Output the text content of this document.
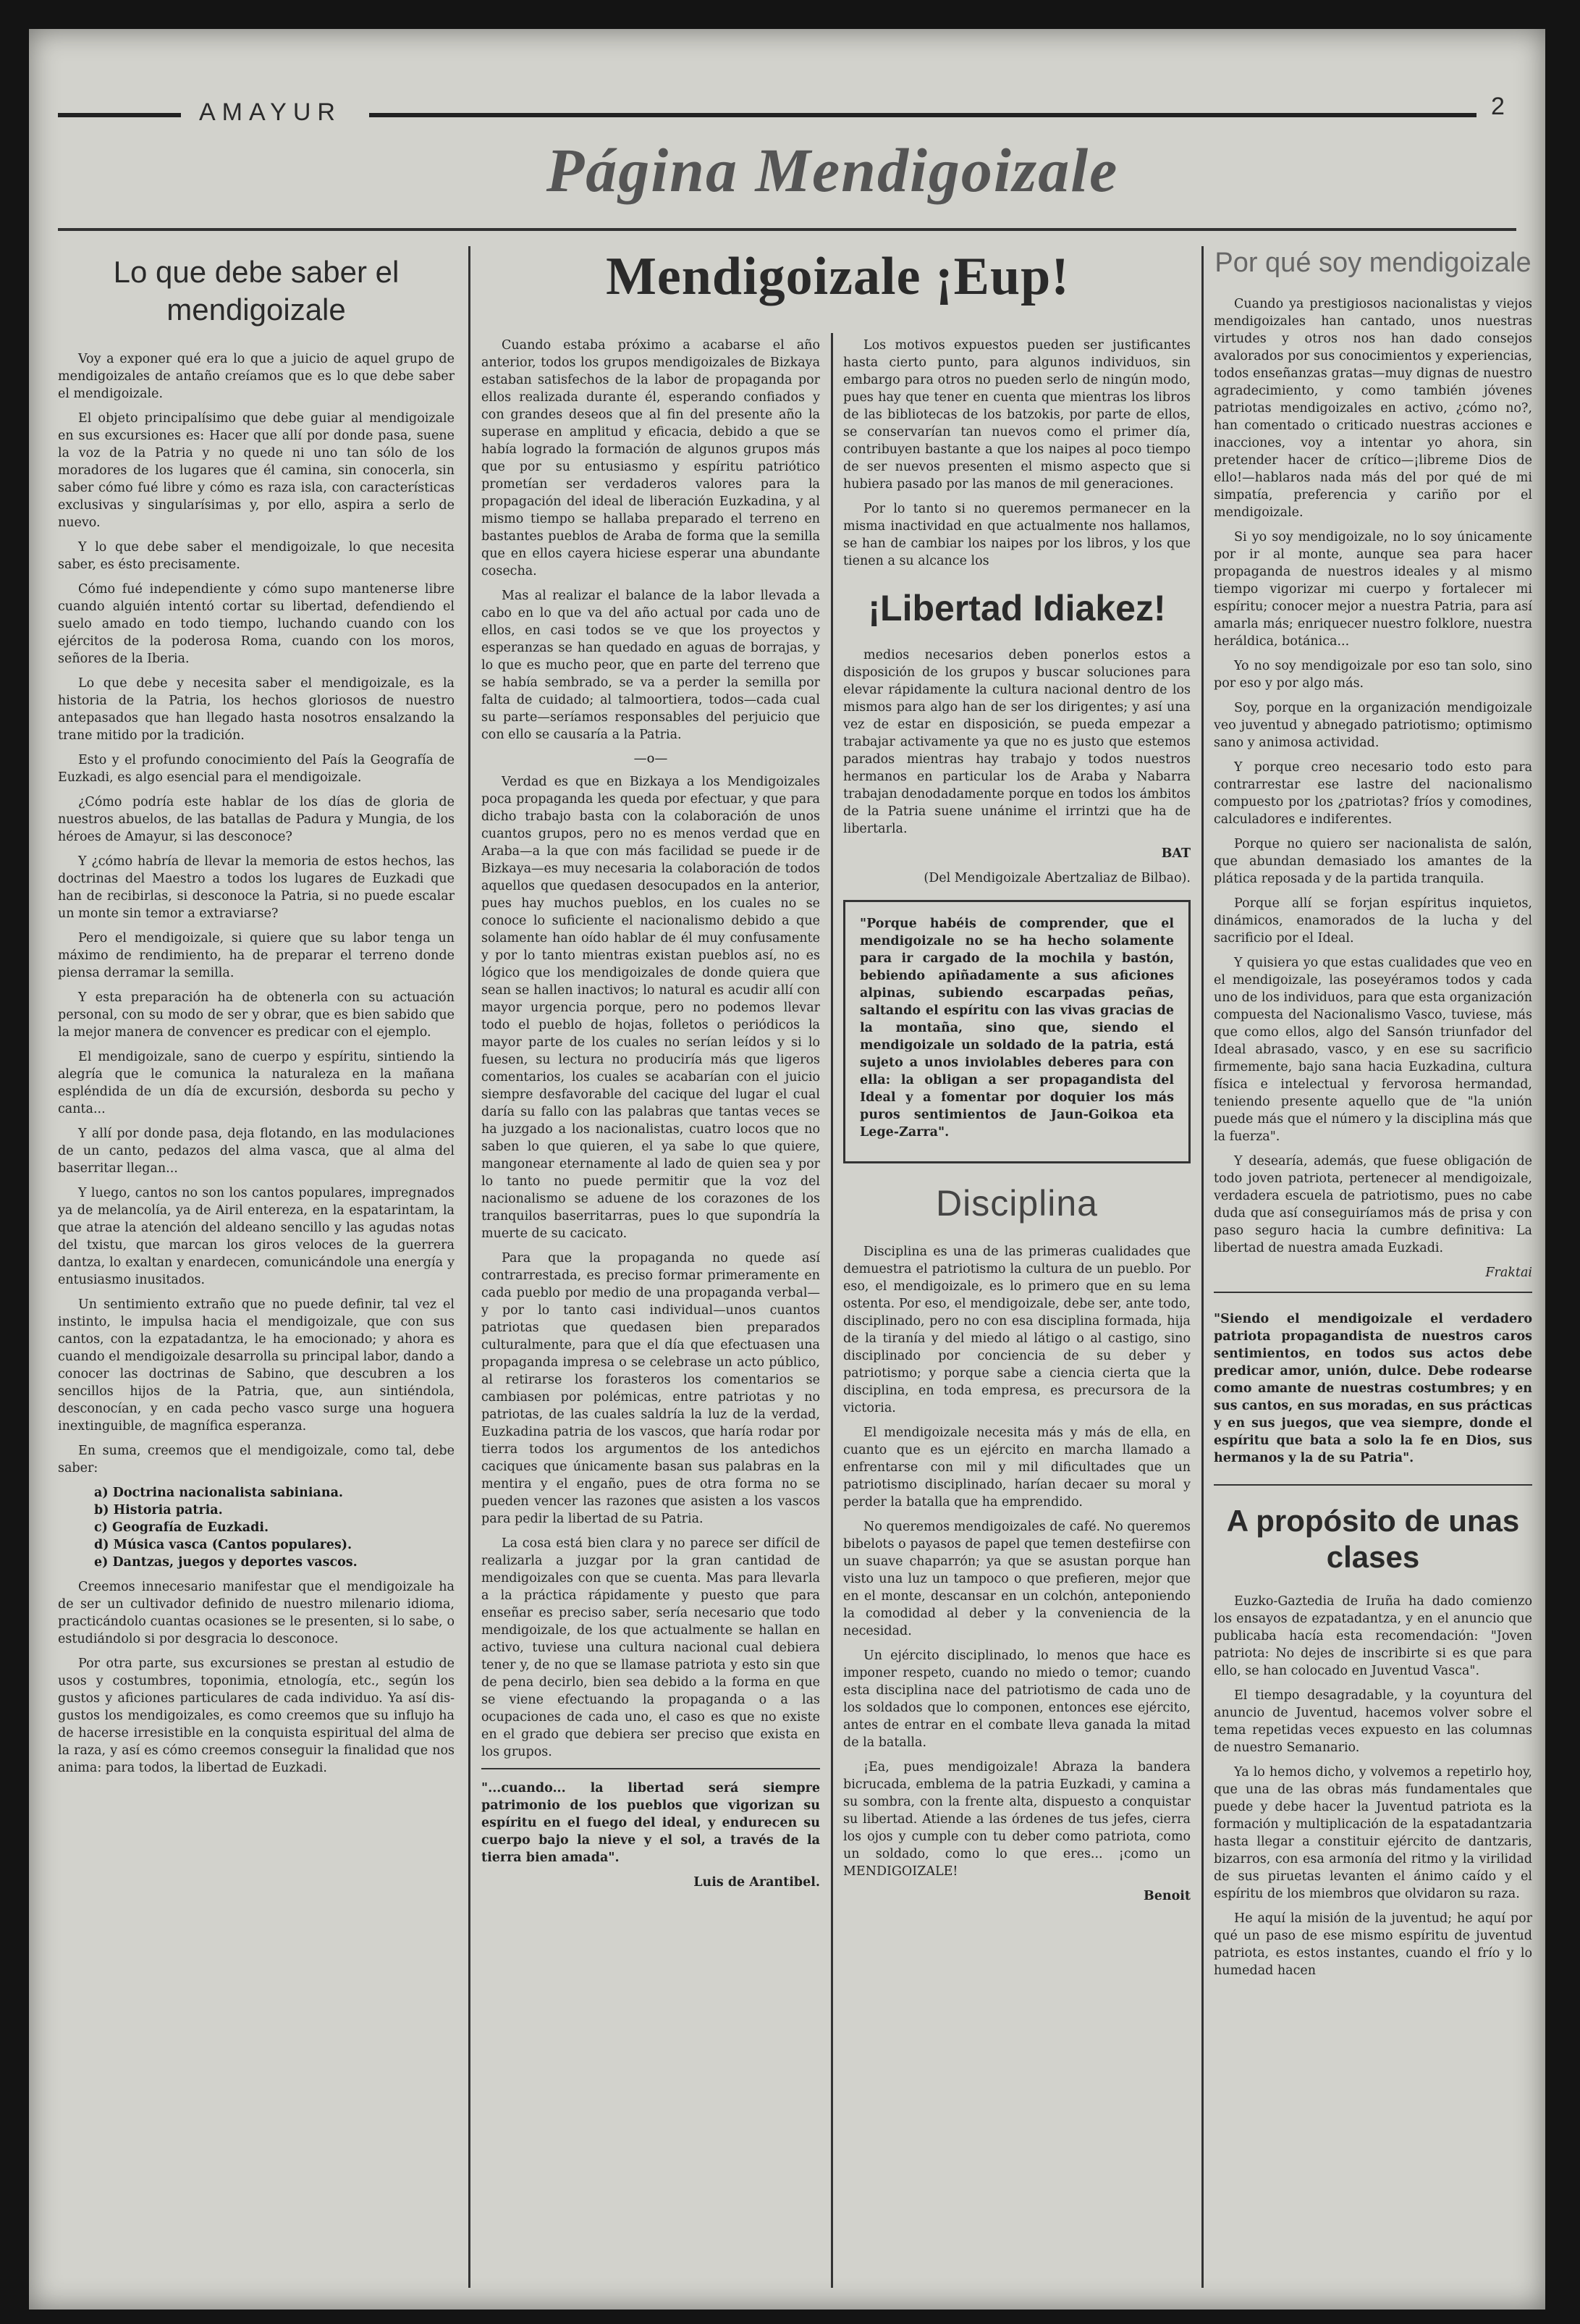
AMAYUR	2
Página Mendigoizale
Lo que debe saber el mendigoizale

Voy a exponer qué era lo que a juicio de aquel grupo de mendigoizales de antaño creíamos que es lo que debe saber el mendigoizale.

El objeto principalísimo que debe guiar al mendigoizale en sus excursiones es: Hacer que allí por donde pasa, suene la voz de la Patria y no quede ni uno tan sólo de los moradores de los lugares que él camina, sin conocerla, sin saber cómo fué libre y cómo es raza isla, con características exclusivas y singularísimas y, por ello, aspira a serlo de nuevo.

Y lo que debe saber el mendigoizale, lo que necesita saber, es ésto precisamente.

Cómo fué independiente y cómo supo mantenerse libre cuando alguién intentó cortar su libertad, defendiendo el suelo amado en todo tiempo, luchando cuando con los ejércitos de la poderosa Roma, cuando con los moros, señores de la Iberia.

Lo que debe y necesita saber el mendigoizale, es la historia de la Patria, los hechos gloriosos de nuestro antepasados que han llegado hasta nosotros ensalzando la trane mitido por la tradición.

Esto y el profundo conocimiento del País la Geografía de Euzkadi, es algo esencial para el mendigoizale.

¿Cómo podría este hablar de los días de gloria de nuestros abuelos, de las batallas de Padura y Mungia, de los héroes de Amayur, si las desconoce?

Y ¿cómo habría de llevar la memoria de estos hechos, las doctrinas del Maestro a todos los lugares de Euzkadi que han de recibirlas, si desconoce la Patria, si no puede escalar un monte sin temor a extraviarse?

Pero el mendigoizale, si quiere que su labor tenga un máximo de rendimiento, ha de preparar el terreno donde piensa derramar la semilla.

Y esta preparación ha de obtenerla con su actuación personal, con su modo de ser y obrar, que es bien sabido que la mejor manera de convencer es predicar con el ejemplo.

El mendigoizale, sano de cuerpo y espíritu, sintiendo la alegría que le comunica la naturaleza en la mañana espléndida de un día de excursión, desborda su pecho y canta...

Y allí por donde pasa, deja flotando, en las modulaciones de un canto, pedazos del alma vasca, que al alma del baserritar llegan...

Y luego, cantos no son los cantos populares, impregnados ya de melancolía, ya de Airil entereza, en la espatarintam, la que atrae la atención del aldeano sencillo y las agudas notas del txistu, que marcan los giros veloces de la guerrera dantza, lo exaltan y enardecen, comunicándole una energía y entusiasmo inusitados.

Un sentimiento extraño que no puede definir, tal vez el instinto, le impulsa hacia el mendigoizale, que con sus cantos, con la ezpatadantza, le ha emocionado; y ahora es cuando el mendigoizale desarrolla su principal labor, dando a conocer las doctrinas de Sabino, que descubren a los sencillos hijos de la Patria, que, aun sintiéndola, desconocían, y en cada pecho vasco surge una hoguera inextinguible, de magnífica esperanza.

En suma, creemos que el mendigoizale, como tal, debe saber:

a) Doctrina nacionalista sabiniana.
b) Historia patria.
c) Geografía de Euzkadi.
d) Música vasca (Cantos populares).
e) Dantzas, juegos y deportes vascos.

Creemos innecesario manifestar que el mendigoizale ha de ser un cultivador definido de nuestro milenario idioma, practicándolo cuantas ocasiones se le presenten, si lo sabe, o estudiándolo si por desgracia lo desconoce.

Por otra parte, sus excursiones se prestan al estudio de usos y costumbres, toponimia, etnología, etc., según los gustos y aficiones particulares de cada individuo. Ya así dis-gustos los mendigoizales, es como creemos que su influjo ha de hacerse irresistible en la conquista espiritual del alma de la raza, y así es cómo creemos conseguir la finalidad que nos anima: para todos, la libertad de Euzkadi.

Mendigoizale ¡Eup!

Cuando estaba próximo a acabarse el año anterior, todos los grupos mendigoizales de Bizkaya estaban satisfechos de la labor de propaganda por ellos realizada durante él, esperando confiados y con grandes deseos que al fin del presente año la superase en amplitud y eficacia, debido a que se había logrado la formación de algunos grupos más que por su entusiasmo y espíritu patriótico prometían ser verdaderos valores para la propagación del ideal de liberación Euzkadina, y al mismo tiempo se hallaba preparado el terreno en bastantes pueblos de Araba de forma que la semilla que en ellos cayera hiciese esperar una abundante cosecha.

Mas al realizar el balance de la labor llevada a cabo en lo que va del año actual por cada uno de ellos, en casi todos se ve que los proyectos y esperanzas se han quedado en aguas de borrajas, y lo que es mucho peor, que en parte del terreno que se había sembrado, se va a perder la semilla por falta de cuidado; al talmoortiera, todos—cada cual su parte—seríamos responsables del perjuicio que con ello se causaría a la Patria.

—o—

Verdad es que en Bizkaya a los Mendigoizales poca propaganda les queda por efectuar, y que para dicho trabajo basta con la colaboración de unos cuantos grupos, pero no es menos verdad que en Araba—a la que con más facilidad se puede ir de Bizkaya—es muy necesaria la colaboración de todos aquellos que quedasen desocupados en la anterior, pues hay muchos pueblos, en los cuales no se conoce lo suficiente el nacionalismo debido a que solamente han oído hablar de él muy confusamente y por lo tanto mientras existan pueblos así, no es lógico que los mendigoizales de donde quiera que sean se hallen inactivos; lo natural es acudir allí con mayor urgencia porque, pero no podemos llevar todo el pueblo de hojas, folletos o periódicos la mayor parte de los cuales no serían leídos y si lo fuesen, su lectura no produciría más que ligeros comentarios, los cuales se acabarían con el juicio siempre desfavorable del cacique del lugar el cual daría su fallo con las palabras que tantas veces se ha juzgado a los nacionalistas, cuatro locos que no saben lo que quieren, el ya sabe lo que quiere, mangonear eternamente al lado de quien sea y por lo tanto no puede permitir que la voz del nacionalismo se aduene de los corazones de los tranquilos baserritarras, pues lo que supondría la muerte de su cacicato.

Para que la propaganda no quede así contrarrestada, es preciso formar primeramente en cada pueblo por medio de una propaganda verbal—y por lo tanto casi individual—unos cuantos patriotas que quedasen bien preparados culturalmente, para que el día que efectuasen una propaganda impresa o se celebrase un acto público, al retirarse los forasteros los comentarios se cambiasen por polémicas, entre patriotas y no patriotas, de las cuales saldría la luz de la verdad, Euzkadina patria de los vascos, que haría rodar por tierra todos los argumentos de los antedichos caciques que únicamente basan sus palabras en la mentira y el engaño, pues de otra forma no se pueden vencer las razones que asisten a los vascos para pedir la libertad de su Patria.

La cosa está bien clara y no parece ser difícil de realizarla a juzgar por la gran cantidad de mendigoizales con que se cuenta. Mas para llevarla a la práctica rápidamente y puesto que para enseñar es preciso saber, sería necesario que todo mendigoizale, de los que actualmente se hallan en activo, tuviese una cultura nacional cual debiera tener y, de no que se llamase patriota y esto sin que de pena decirlo, bien sea debido a la forma en que se viene efectuando la propaganda o a las ocupaciones de cada uno, el caso es que no existe en el grado que debiera ser preciso que exista en los grupos.

"...cuando... la libertad será siempre patrimonio de los pueblos que vigorizan su espíritu en el fuego del ideal, y endurecen su cuerpo bajo la nieve y el sol, a través de la tierra bien amada".

Luis de Arantibel.

Los motivos expuestos pueden ser justificantes hasta cierto punto, para algunos individuos, sin embargo para otros no pueden serlo de ningún modo, pues hay que tener en cuenta que mientras los libros de las bibliotecas de los batzokis, por parte de ellos, se conservarían tan nuevos como el primer día, contribuyen bastante a que los naipes al poco tiempo de ser nuevos presenten el mismo aspecto que si hubiera pasado por las manos de mil generaciones.

Por lo tanto si no queremos permanecer en la misma inactividad en que actualmente nos hallamos, se han de cambiar los naipes por los libros, y los que tienen a su alcance los

¡Libertad Idiakez!

medios necesarios deben ponerlos estos a disposición de los grupos y buscar soluciones para elevar rápidamente la cultura nacional dentro de los mismos para algo han de ser los dirigentes; y así una vez de estar en disposición, se pueda empezar a trabajar activamente ya que no es justo que estemos parados mientras hay trabajo y todos nuestros hermanos en particular los de Araba y Nabarra trabajan denodadamente porque en todos los ámbitos de la Patria suene unánime el irrintzi que ha de libertarla.

BAT

(Del Mendigoizale Abertzaliaz de Bilbao).

"Porque habéis de comprender, que el mendigoizale no se ha hecho solamente para ir cargado de la mochila y bastón, bebiendo apiñadamente a sus aficiones alpinas, subiendo escarpadas peñas, saltando el espíritu con las vivas gracias de la montaña, sino que, siendo el mendigoizale un soldado de la patria, está sujeto a unos inviolables deberes para con ella: la obligan a ser propagandista del Ideal y a fomentar por doquier los más puros sentimientos de Jaun-Goikoa eta Lege-Zarra".

Disciplina

Disciplina es una de las primeras cualidades que demuestra el patriotismo la cultura de un pueblo. Por eso, el mendigoizale, es lo primero que en su lema ostenta. Por eso, el mendigoizale, debe ser, ante todo, disciplinado, pero no con esa disciplina formada, hija de la tiranía y del miedo al látigo o al castigo, sino disciplinado por conciencia de su deber y patriotismo; y porque sabe a ciencia cierta que la disciplina, en toda empresa, es precursora de la victoria.

El mendigoizale necesita más y más de ella, en cuanto que es un ejército en marcha llamado a enfrentarse con mil y mil dificultades que un patriotismo disciplinado, harían decaer su moral y perder la batalla que ha emprendido.

No queremos mendigoizales de café. No queremos bibelots o payasos de papel que temen destefiirse con un suave chaparrón; ya que se asustan porque han visto una luz un tampoco o que prefieren, mejor que en el monte, descansar en un colchón, anteponiendo la comodidad al deber y la conveniencia de la necesidad.

Un ejército disciplinado, lo menos que hace es imponer respeto, cuando no miedo o temor; cuando esta disciplina nace del patriotismo de cada uno de los soldados que lo componen, entonces ese ejército, antes de entrar en el combate lleva ganada la mitad de la batalla.

¡Ea, pues mendigoizale! Abraza la bandera bicrucada, emblema de la patria Euzkadi, y camina a su sombra, con la frente alta, dispuesto a conquistar su libertad. Atiende a las órdenes de tus jefes, cierra los ojos y cumple con tu deber como patriota, como un soldado, como lo que eres... ¡como un MENDIGOIZALE!

Benoit

Por qué soy mendigoizale

Cuando ya prestigiosos nacionalistas y viejos mendigoizales han cantado, unos nuestras virtudes y otros nos han dado consejos avalorados por sus conocimientos y experiencias, todos enseñanzas gratas—muy dignas de nuestro agradecimiento, y como también jóvenes patriotas mendigoizales en activo, ¿cómo no?, han comentado o criticado nuestras acciones e inacciones, voy a intentar yo ahora, sin pretender hacer de crítico—¡libreme Dios de ello!—hablaros nada más del por qué de mi simpatía, preferencia y cariño por el mendigoizale.

Si yo soy mendigoizale, no lo soy únicamente por ir al monte, aunque sea para hacer propaganda de nuestros ideales y al mismo tiempo vigorizar mi cuerpo y fortalecer mi espíritu; conocer mejor a nuestra Patria, para así amarla más; enriquecer nuestro folklore, nuestra heráldica, botánica...

Yo no soy mendigoizale por eso tan solo, sino por eso y por algo más.

Soy, porque en la organización mendigoizale veo juventud y abnegado patriotismo; optimismo sano y animosa actividad.

Y porque creo necesario todo esto para contrarrestar ese lastre del nacionalismo compuesto por los ¿patriotas? fríos y comodines, calculadores e indiferentes.

Porque no quiero ser nacionalista de salón, que abundan demasiado los amantes de la plática reposada y de la partida tranquila.

Porque allí se forjan espíritus inquietos, dinámicos, enamorados de la lucha y del sacrificio por el Ideal.

Y quisiera yo que estas cualidades que veo en el mendigoizale, las poseyéramos todos y cada uno de los individuos, para que esta organización compuesta del Nacionalismo Vasco, tuviese, más que como ellos, algo del Sansón triunfador del Ideal abrasado, vasco, y en ese su sacrificio firmemente, bajo sana hacia Euzkadina, cultura física e intelectual y fervorosa hermandad, teniendo presente aquello que de "la unión puede más que el número y la disciplina más que la fuerza".

Y desearía, además, que fuese obligación de todo joven patriota, pertenecer al mendigoizale, verdadera escuela de patriotismo, pues no cabe duda que así conseguiríamos más de prisa y con paso seguro hacia la cumbre definitiva: La libertad de nuestra amada Euzkadi.

Fraktai

"Siendo el mendigoizale el verdadero patriota propagandista de nuestros caros sentimientos, en todos sus actos debe predicar amor, unión, dulce. Debe rodearse como amante de nuestras costumbres; y en sus cantos, en sus moradas, en sus prácticas y en sus juegos, que vea siempre, donde el espíritu que bata a solo la fe en Dios, sus hermanos y la de su Patria".

A propósito de unas clases

Euzko-Gaztedia de Iruña ha dado comienzo los ensayos de ezpatadantza, y en el anuncio que publicaba hacía esta recomendación: "Joven patriota: No dejes de inscribirte si es que para ello, se han colocado en Juventud Vasca".

El tiempo desagradable, y la coyuntura del anuncio de Juventud, hacemos volver sobre el tema repetidas veces expuesto en las columnas de nuestro Semanario.

Ya lo hemos dicho, y volvemos a repetirlo hoy, que una de las obras más fundamentales que puede y debe hacer la Juventud patriota es la formación y multiplicación de la espatadantzaria hasta llegar a constituir ejército de dantzaris, bizarros, con esa armonía del ritmo y la virilidad de sus piruetas levanten el ánimo caído y el espíritu de los miembros que olvidaron su raza.

He aquí la misión de la juventud; he aquí por qué un paso de ese mismo espíritu de juventud patriota, es estos instantes, cuando el frío y lo humedad hacen
